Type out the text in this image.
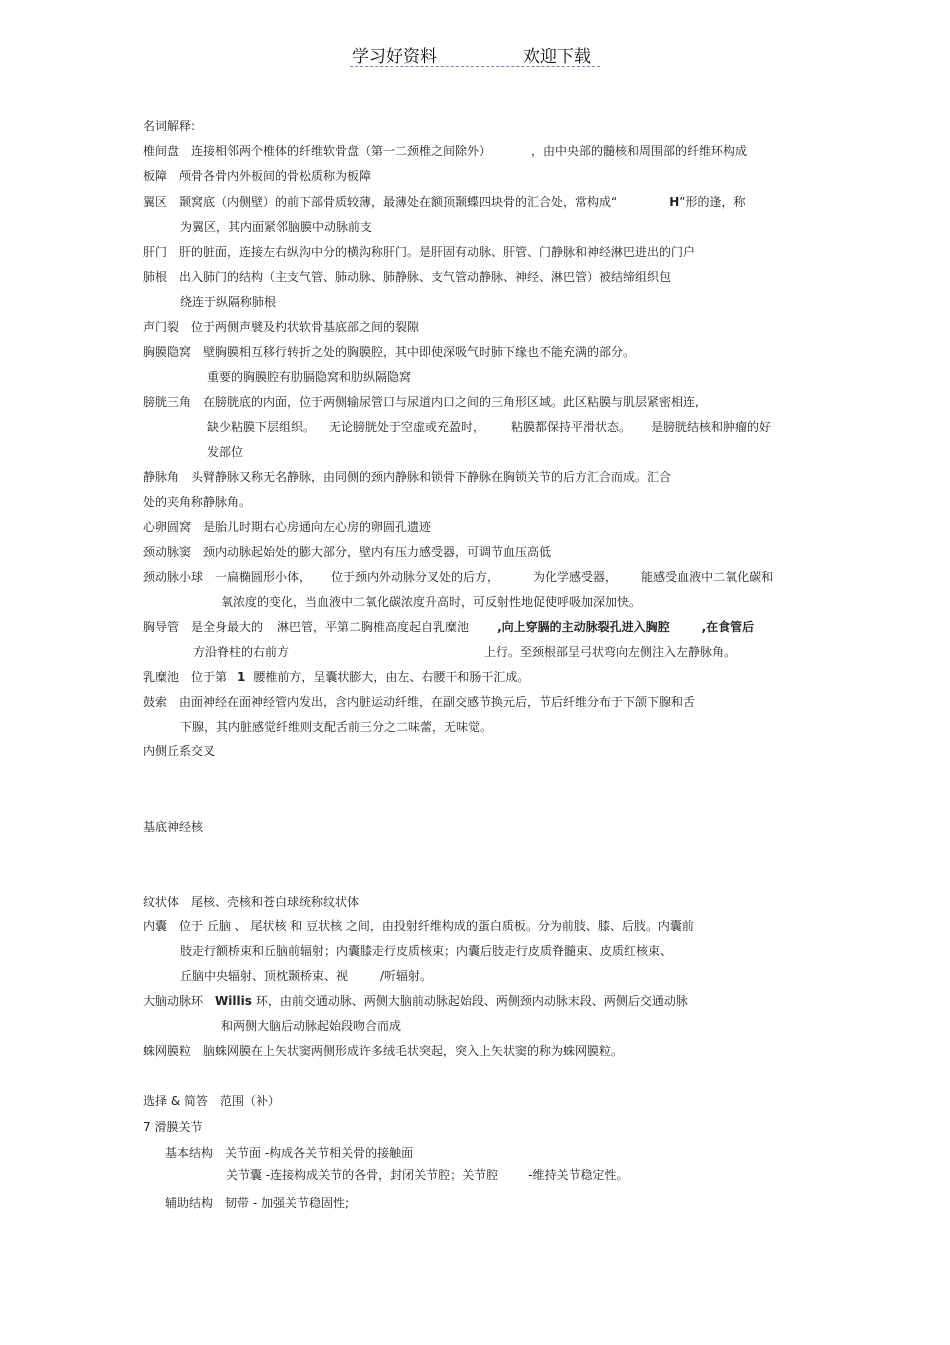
学习好资料	欢迎下载
名词解释:
椎间盘 连接相邻两个椎体的纤维软骨盘（第一二颈椎之间除外）	，由中央部的髓核和周围部的纤维环构成
板障 颅骨各骨内外板间的骨松质称为板障
翼区 颞窝底（内侧壁）的前下部骨质较薄，最薄处在额顶颞蝶四块骨的汇合处，常构成“	H”形的逢，称
为翼区，其内面紧邻脑膜中动脉前支
肝门 肝的脏面，连接左右纵沟中分的横沟称肝门。是肝固有动脉、肝管、门静脉和神经淋巴进出的门户
肺根 出入肺门的结构（主支气管、肺动脉、肺静脉、支气管动静脉、神经、淋巴管）被结缔组织包
绕连于纵隔称肺根
声门裂 位于两侧声襞及杓状软骨基底部之间的裂隙
胸膜隐窝 壁胸膜相互移行转折之处的胸膜腔，其中即使深吸气时肺下缘也不能充满的部分。
重要的胸膜腔有肋膈隐窝和肋纵隔隐窝
膀胱三角 在膀胱底的内面，位于两侧输尿管口与尿道内口之间的三角形区域。此区粘膜与肌层紧密相连,
缺少粘膜下层组织。 无论膀胱处于空虚或充盈时， 粘膜都保持平滑状态。 是膀胱结核和肿瘤的好
发部位
静脉角 头臂静脉又称无名静脉，由同侧的颈内静脉和锁骨下静脉在胸锁关节的后方汇合而成。汇合
处的夹角称静脉角。
心卵圆窝 是胎儿时期右心房通向左心房的卵圆孔遗迹
颈动脉窦 颈内动脉起始处的膨大部分，壁内有压力感受器，可调节血压高低
颈动脉小球 一扁椭圆形小体， 位于颈内外动脉分叉处的后方，	为化学感受器， 能感受血液中二氧化碳和
氧浓度的变化，当血液中二氧化碳浓度升高时，可反射性地促使呼吸加深加快。
胸导管 是全身最大的 淋巴管，平第二胸椎高度起自乳糜池 ,向上穿膈的主动脉裂孔进入胸腔	,在食管后
方沿脊柱的右前方	上行。至颈根部呈弓状弯向左侧注入左静脉角。
乳糜池 位于第 1 腰椎前方，呈囊状膨大，由左、右腰干和肠干汇成。
鼓索 由面神经在面神经管内发出，含内脏运动纤维，在副交感节换元后，节后纤维分布于下颌下腺和舌
下腺，其内脏感觉纤维则支配舌前三分之二味蕾，无味觉。
内侧丘系交叉
基底神经核
纹状体 尾核、壳核和苍白球统称纹状体
内囊 位于 丘脑 、 尾状核 和 豆状核 之间，由投射纤维构成的蛋白质板。分为前肢、膝、后肢。内囊前
肢走行额桥束和丘脑前辐射；内囊膝走行皮质核束；内囊后肢走行皮质脊髓束、皮质红核束、
丘脑中央辐射、顶枕颞桥束、视	/听辐射。
大脑动脉环 Willis 环，由前交通动脉、两侧大脑前动脉起始段、两侧颈内动脉末段、两侧后交通动脉
和两侧大脑后动脉起始段吻合而成
蛛网膜粒 脑蛛网膜在上矢状窦两侧形成许多绒毛状突起，突入上矢状窦的称为蛛网膜粒。
选择 & 简答 范围（补）
7 滑膜关节
基本结构 关节面 -构成各关节相关骨的接触面
关节囊 -连接构成关节的各骨，封闭关节腔；关节腔	-维持关节稳定性。
辅助结构 韧带 - 加强关节稳固性;
